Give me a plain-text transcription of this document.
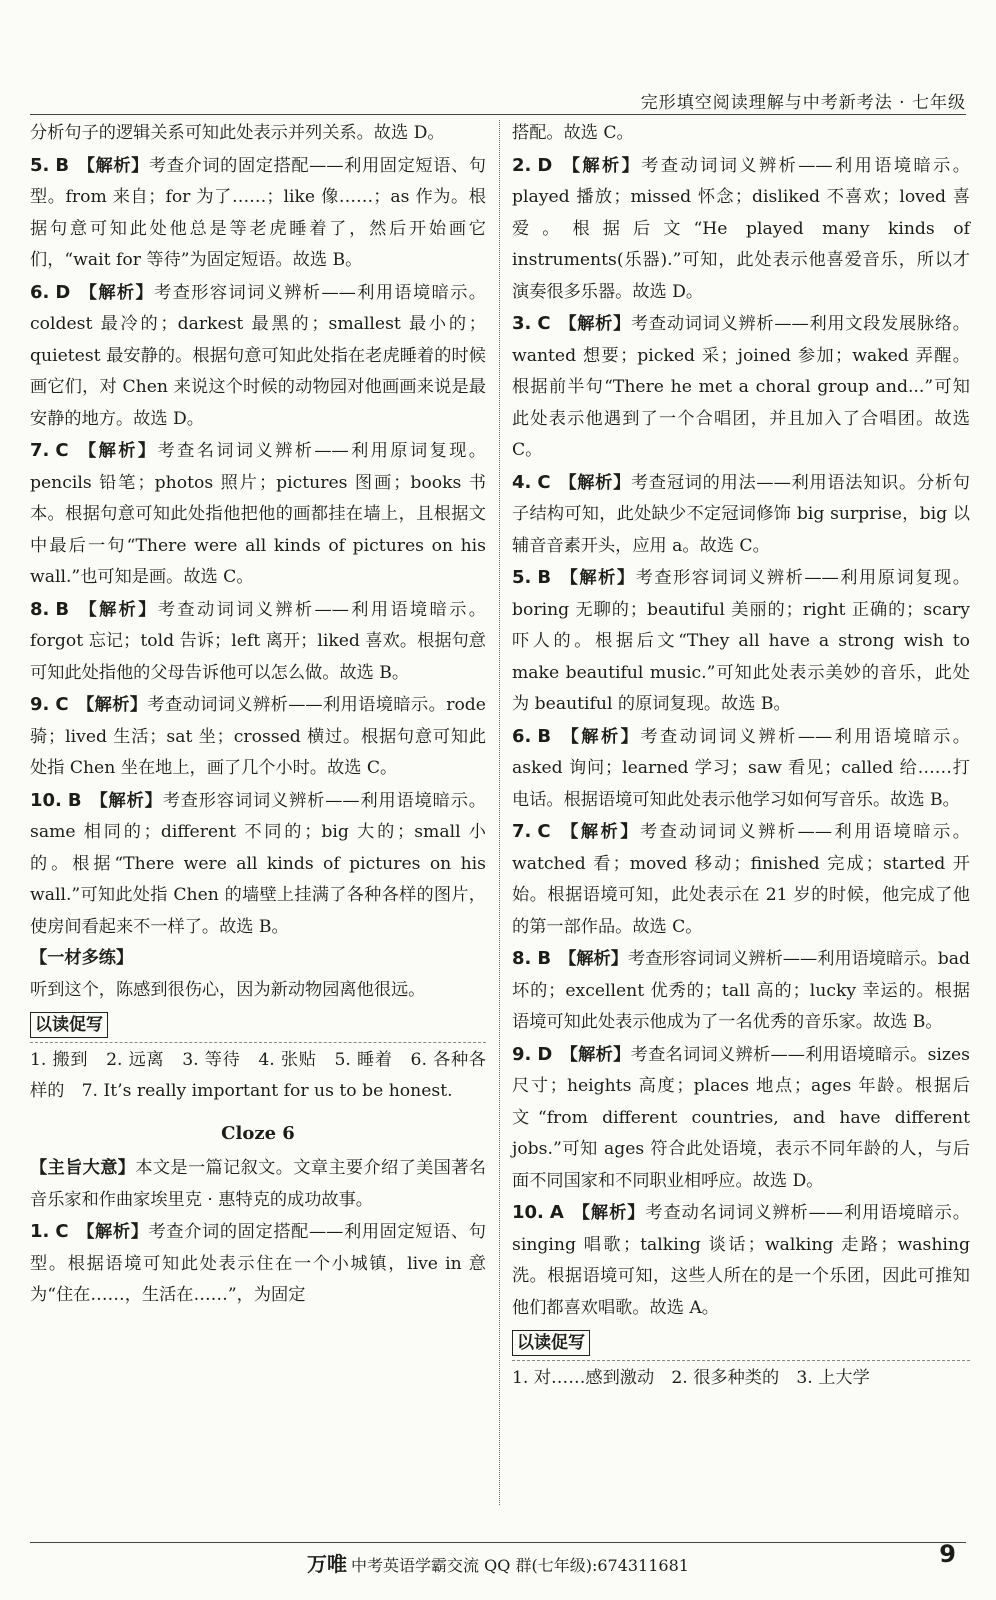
完形填空阅读理解与中考新考法 · 七年级

分析句子的逻辑关系可知此处表示并列关系。故选 D。

5. B 【解析】考查介词的固定搭配——利用固定短语、句型。from 来自；for 为了……；like 像……；as 作为。根据句意可知此处他总是等老虎睡着了，然后开始画它们，“wait for 等待”为固定短语。故选 B。

6. D 【解析】考查形容词词义辨析——利用语境暗示。coldest 最冷的；darkest 最黑的；smallest 最小的；quietest 最安静的。根据句意可知此处指在老虎睡着的时候画它们，对 Chen 来说这个时候的动物园对他画画来说是最安静的地方。故选 D。

7. C 【解析】考查名词词义辨析——利用原词复现。pencils 铅笔；photos 照片；pictures 图画；books 书本。根据句意可知此处指他把他的画都挂在墙上，且根据文中最后一句“There were all kinds of pictures on his wall.”也可知是画。故选 C。

8. B 【解析】考查动词词义辨析——利用语境暗示。forgot 忘记；told 告诉；left 离开；liked 喜欢。根据句意可知此处指他的父母告诉他可以怎么做。故选 B。

9. C 【解析】考查动词词义辨析——利用语境暗示。rode 骑；lived 生活；sat 坐；crossed 横过。根据句意可知此处指 Chen 坐在地上，画了几个小时。故选 C。

10. B 【解析】考查形容词词义辨析——利用语境暗示。same 相同的；different 不同的；big 大的；small 小的。根据“There were all kinds of pictures on his wall.”可知此处指 Chen 的墙壁上挂满了各种各样的图片，使房间看起来不一样了。故选 B。

【一材多练】
听到这个，陈感到很伤心，因为新动物园离他很远。

以读促写

1. 搬到　2. 远离　3. 等待　4. 张贴　5. 睡着　6. 各种各样的　7. It’s really important for us to be honest.

Cloze 6

【主旨大意】本文是一篇记叙文。文章主要介绍了美国著名音乐家和作曲家埃里克 · 惠特克的成功故事。

1. C 【解析】考查介词的固定搭配——利用固定短语、句型。根据语境可知此处表示住在一个小城镇，live in 意为“住在……，生活在……”，为固定

搭配。故选 C。

2. D 【解析】考查动词词义辨析——利用语境暗示。played 播放；missed 怀念；disliked 不喜欢；loved 喜爱。根据后文“He played many kinds of instruments(乐器).”可知，此处表示他喜爱音乐，所以才演奏很多乐器。故选 D。

3. C 【解析】考查动词词义辨析——利用文段发展脉络。wanted 想要；picked 采；joined 参加；waked 弄醒。根据前半句“There he met a choral group and...”可知此处表示他遇到了一个合唱团，并且加入了合唱团。故选 C。

4. C 【解析】考查冠词的用法——利用语法知识。分析句子结构可知，此处缺少不定冠词修饰 big surprise，big 以辅音音素开头，应用 a。故选 C。

5. B 【解析】考查形容词词义辨析——利用原词复现。boring 无聊的；beautiful 美丽的；right 正确的；scary 吓人的。根据后文“They all have a strong wish to make beautiful music.”可知此处表示美妙的音乐，此处为 beautiful 的原词复现。故选 B。

6. B 【解析】考查动词词义辨析——利用语境暗示。asked 询问；learned 学习；saw 看见；called 给……打电话。根据语境可知此处表示他学习如何写音乐。故选 B。

7. C 【解析】考查动词词义辨析——利用语境暗示。watched 看；moved 移动；finished 完成；started 开始。根据语境可知，此处表示在 21 岁的时候，他完成了他的第一部作品。故选 C。

8. B 【解析】考查形容词词义辨析——利用语境暗示。bad 坏的；excellent 优秀的；tall 高的；lucky 幸运的。根据语境可知此处表示他成为了一名优秀的音乐家。故选 B。

9. D 【解析】考查名词词义辨析——利用语境暗示。sizes 尺寸；heights 高度；places 地点；ages 年龄。根据后文“from different countries, and have different jobs.”可知 ages 符合此处语境，表示不同年龄的人，与后面不同国家和不同职业相呼应。故选 D。

10. A 【解析】考查动名词词义辨析——利用语境暗示。singing 唱歌；talking 谈话；walking 走路；washing 洗。根据语境可知，这些人所在的是一个乐团，因此可推知他们都喜欢唱歌。故选 A。

以读促写

1. 对……感到激动　2. 很多种类的　3. 上大学

万唯 中考英语学霸交流 QQ 群(七年级):674311681	9
